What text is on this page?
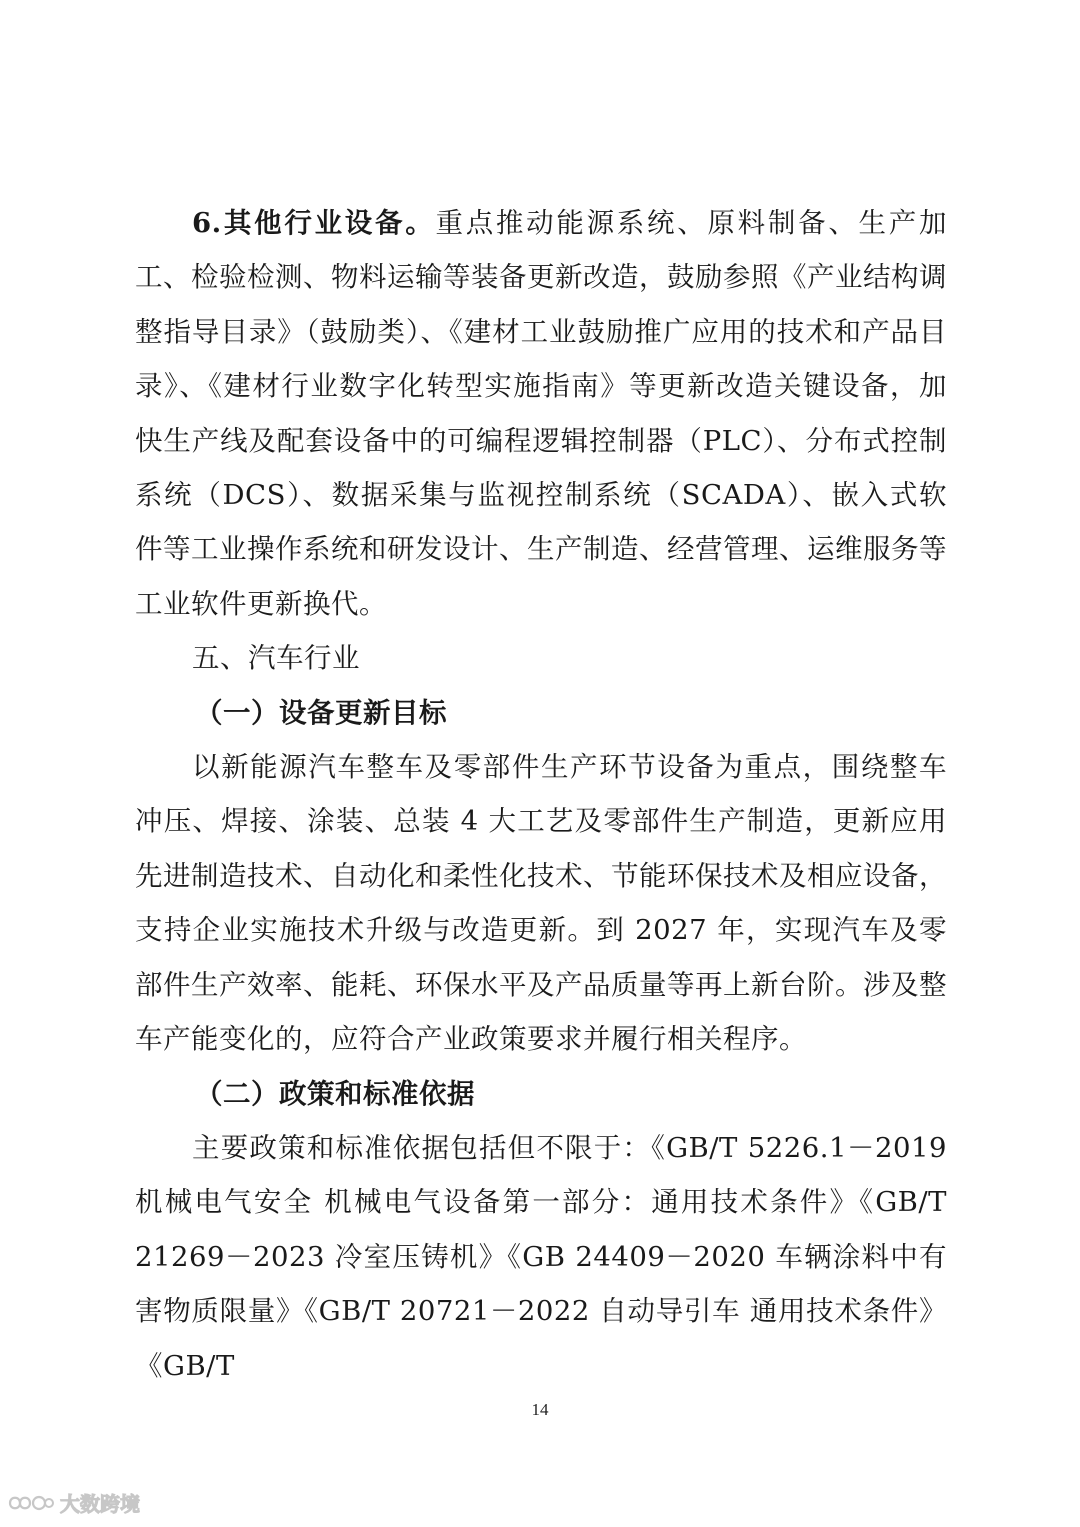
6.其他行业设备。重点推动能源系统、原料制备、生产加工、检验检测、物料运输等装备更新改造，鼓励参照《产业结构调整指导目录》（鼓励类）、《建材工业鼓励推广应用的技术和产品目录》、《建材行业数字化转型实施指南》等更新改造关键设备，加快生产线及配套设备中的可编程逻辑控制器（PLC）、分布式控制系统（DCS）、数据采集与监视控制系统（SCADA）、嵌入式软件等工业操作系统和研发设计、生产制造、经营管理、运维服务等工业软件更新换代。

五、汽车行业

（一）设备更新目标

以新能源汽车整车及零部件生产环节设备为重点，围绕整车冲压、焊接、涂装、总装 4 大工艺及零部件生产制造，更新应用先进制造技术、自动化和柔性化技术、节能环保技术及相应设备，支持企业实施技术升级与改造更新。到 2027 年，实现汽车及零部件生产效率、能耗、环保水平及产品质量等再上新台阶。涉及整车产能变化的，应符合产业政策要求并履行相关程序。

（二）政策和标准依据

主要政策和标准依据包括但不限于：《GB/T 5226.1－2019 机械电气安全 机械电气设备第一部分：通用技术条件》《GB/T 21269－2023 冷室压铸机》《GB 24409－2020 车辆涂料中有害物质限量》《GB/T 20721－2022 自动导引车 通用技术条件》《GB/T

14
大数跨境
